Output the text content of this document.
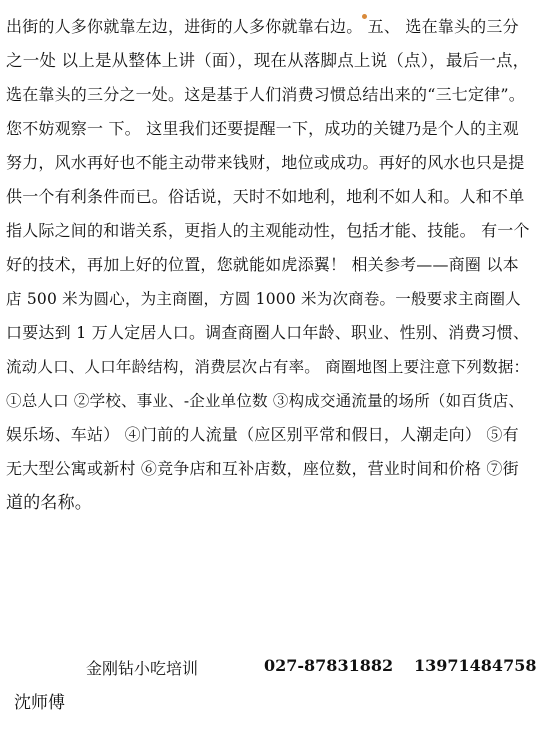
出街的人多你就靠左边，进街的人多你就靠右边。 五、 选在靠头的三分
之一处 以上是从整体上讲（面），现在从落脚点上说（点），最后一点，
选在靠头的三分之一处。这是基于人们消费习惯总结出来的“三七定律”。
您不妨观察一 下。 这里我们还要提醒一下，成功的关键乃是个人的主观
努力，风水再好也不能主动带来钱财，地位或成功。再好的风水也只是提
供一个有利条件而已。俗话说，天时不如地利，地利不如人和。人和不单
指人际之间的和谐关系，更指人的主观能动性，包括才能、技能。 有一个
好的技术，再加上好的位置，您就能如虎添翼！ 相关参考——商圈 以本
店 500 米为圆心，为主商圈，方圆 1000 米为次商卷。一般要求主商圈人
口要达到 1 万人定居人口。调查商圈人口年龄、职业、性别、消费习惯、
流动人口、人口年龄结构，消费层次占有率。 商圈地图上要注意下列数据：
①总人口 ②学校、事业、-企业单位数 ③构成交通流量的场所（如百货店、
娱乐场、车站） ④门前的人流量（应区别平常和假日，人潮走向） ⑤有
无大型公寓或新村 ⑥竞争店和互补店数，座位数，营业时间和价格 ⑦街
道的名称。
金刚钻小吃培训	027-87831882 13971484758
沈师傅
